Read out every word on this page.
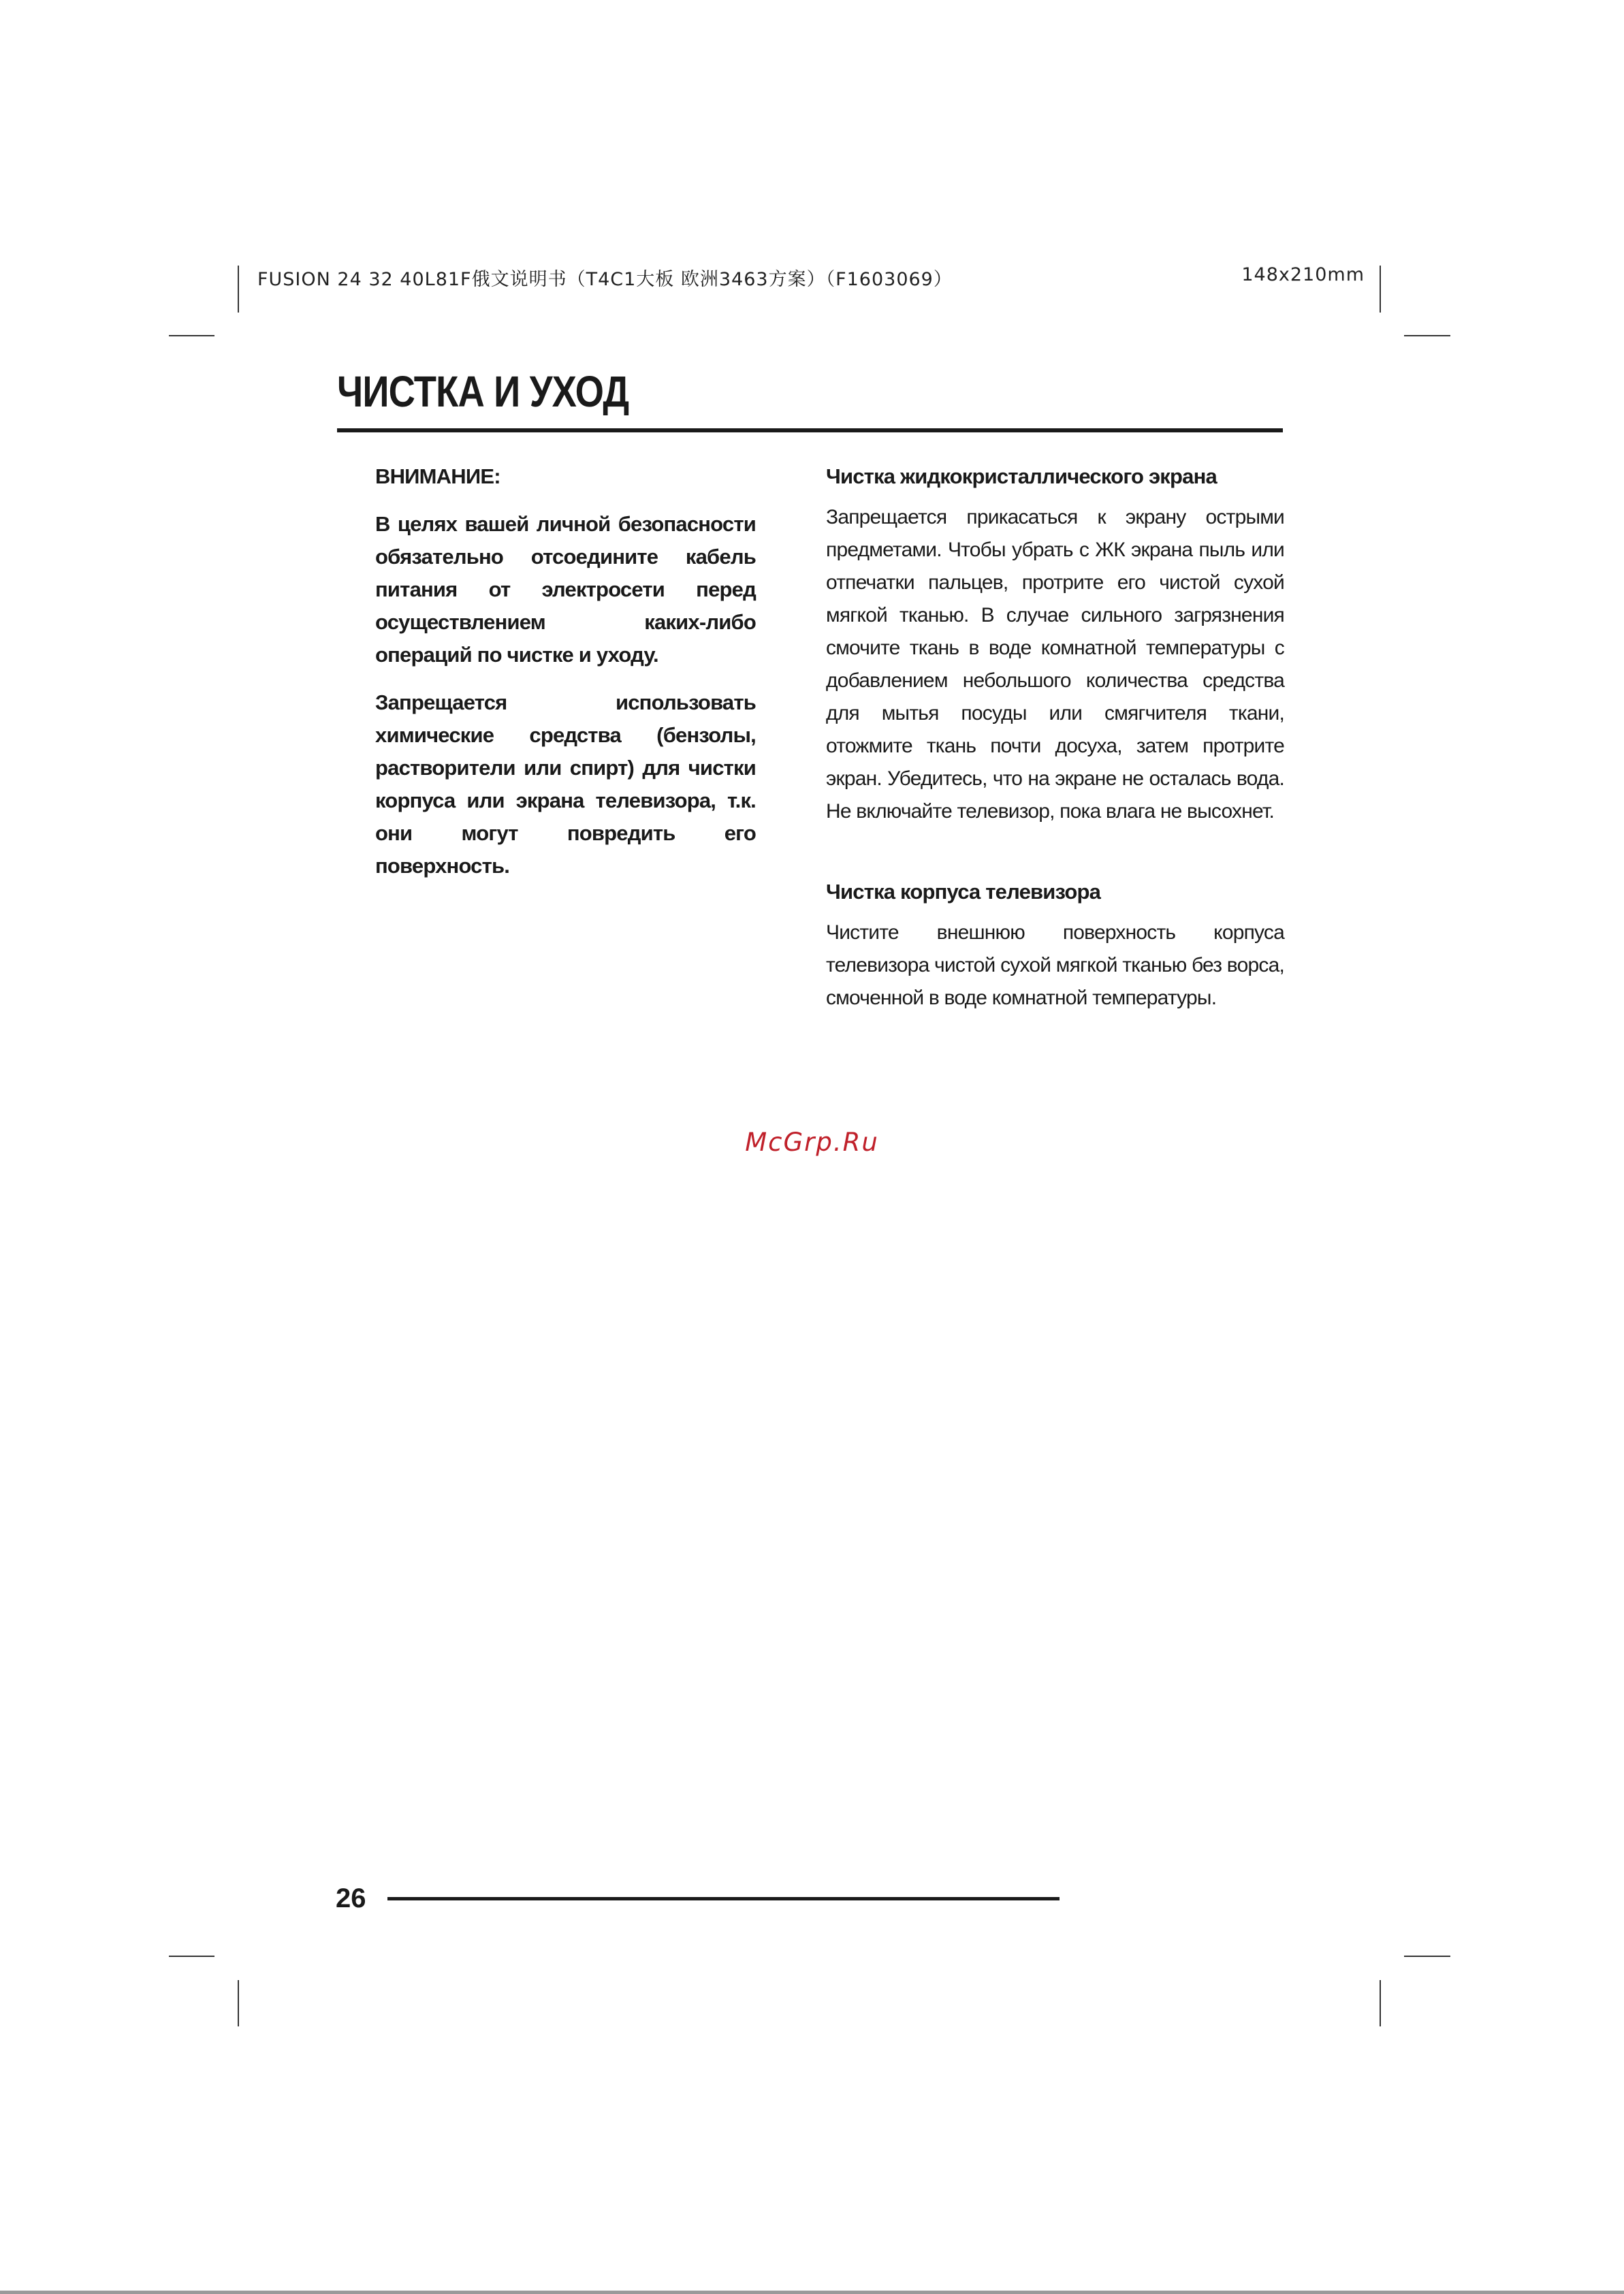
FUSION 24 32 40L81F俄文说明书（T4C1大板 欧洲3463方案）（F1603069）	148x210mm
ЧИСТКА И УХОД
ВНИМАНИЕ:

В целях вашей личной безопасности обязательно отсоедините кабель питания от электросети перед осуществлением каких-либо операций по чистке и уходу.

Запрещается использовать химические средства (бензолы, растворители или спирт) для чистки корпуса или экрана телевизора, т.к. они могут повредить его поверхность.

Чистка жидкокристаллического экрана

Запрещается прикасаться к экрану острыми предметами. Чтобы убрать с ЖК экрана пыль или отпечатки пальцев, протрите его чистой сухой мягкой тканью. В случае сильного загрязнения смочите ткань в воде комнатной температуры с добавлением небольшого количества средства для мытья посуды или смягчителя ткани, отожмите ткань почти досуха, затем протрите экран. Убедитесь, что на экране не осталась вода. Не включайте телевизор, пока влага не высохнет.

Чистка корпуса телевизора

Чистите внешнюю поверхность корпуса телевизора чистой сухой мягкой тканью без ворса, смоченной в воде комнатной температуры.

McGrp.Ru
26
